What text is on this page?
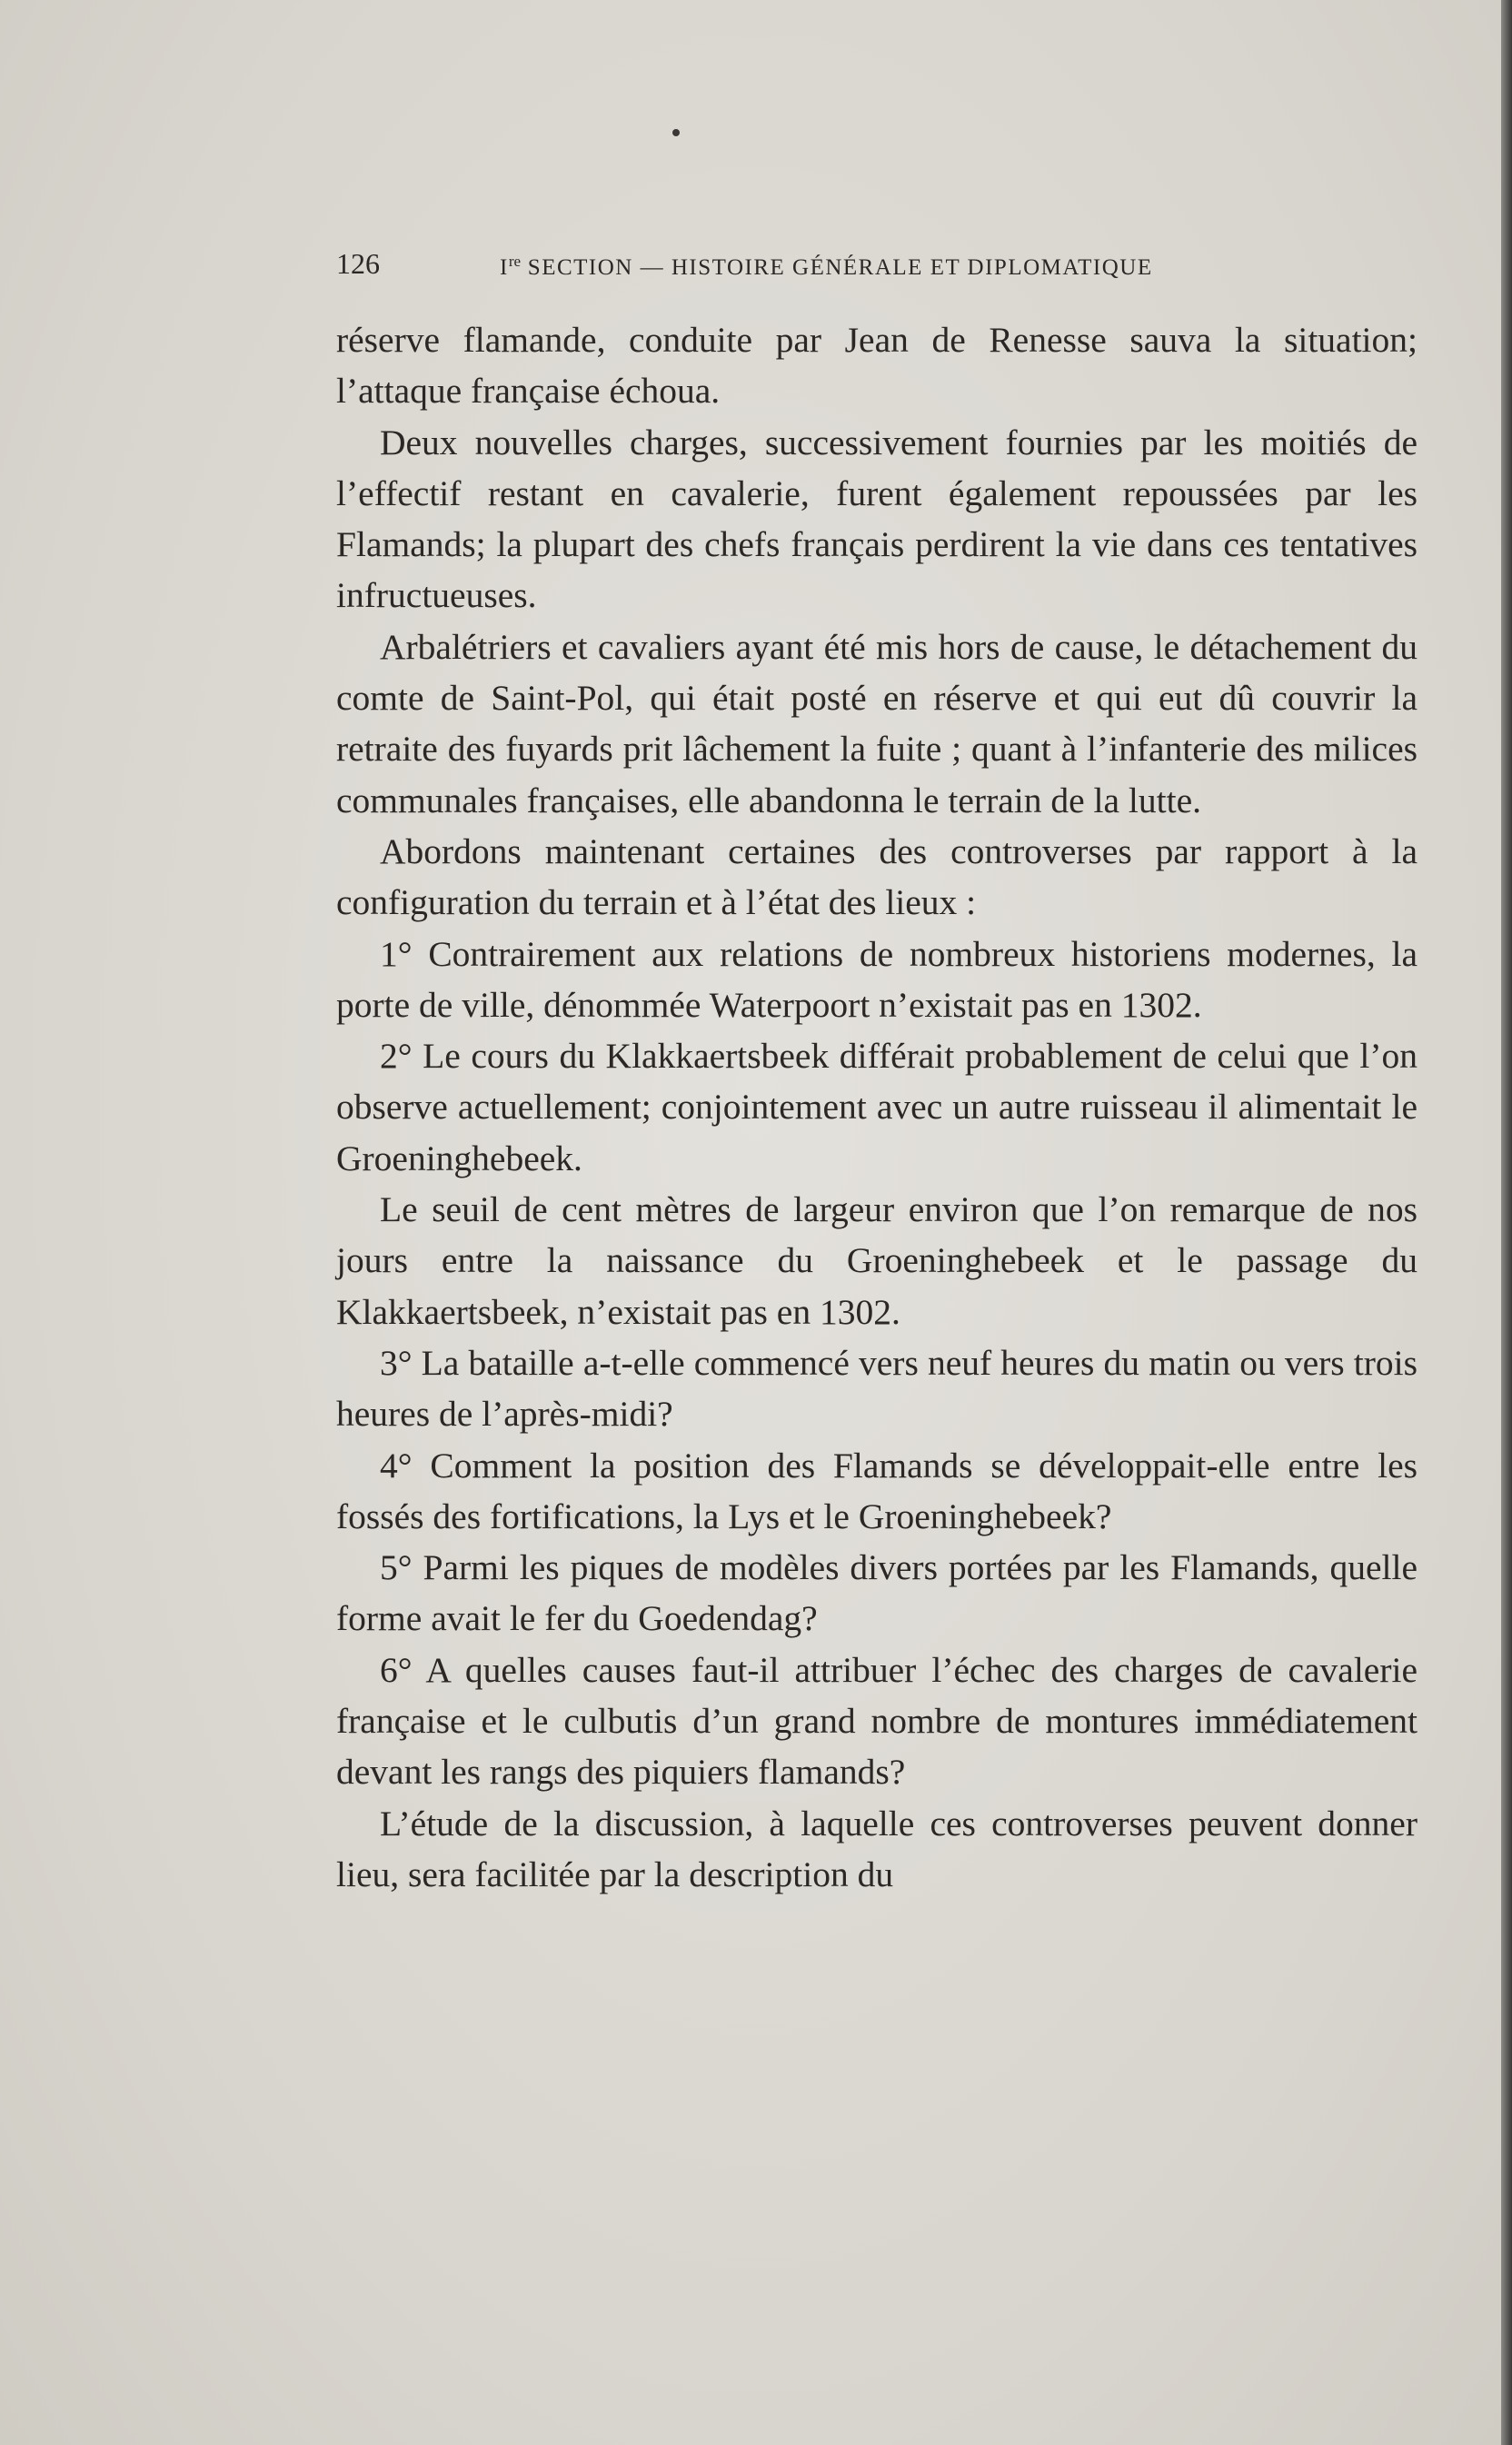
126	Ire SECTION — HISTOIRE GÉNÉRALE ET DIPLOMATIQUE

réserve flamande, conduite par Jean de Renesse sauva la situation; l’attaque française échoua.

Deux nouvelles charges, successivement fournies par les moitiés de l’effectif restant en cavalerie, furent également repoussées par les Flamands; la plupart des chefs français perdirent la vie dans ces tentatives infructueuses.

Arbalétriers et cavaliers ayant été mis hors de cause, le détachement du comte de Saint-Pol, qui était posté en réserve et qui eut dû couvrir la retraite des fuyards prit lâchement la fuite ; quant à l’infanterie des milices communales françaises, elle abandonna le terrain de la lutte.

Abordons maintenant certaines des controverses par rapport à la configuration du terrain et à l’état des lieux :

1° Contrairement aux relations de nombreux historiens modernes, la porte de ville, dénommée Waterpoort n’existait pas en 1302.

2° Le cours du Klakkaertsbeek différait probablement de celui que l’on observe actuellement; conjointement avec un autre ruisseau il alimentait le Groeninghebeek.

Le seuil de cent mètres de largeur environ que l’on remarque de nos jours entre la naissance du Groeninghebeek et le passage du Klakkaertsbeek, n’existait pas en 1302.

3° La bataille a-t-elle commencé vers neuf heures du matin ou vers trois heures de l’après-midi?

4° Comment la position des Flamands se développait-elle entre les fossés des fortifications, la Lys et le Groeninghebeek?

5° Parmi les piques de modèles divers portées par les Flamands, quelle forme avait le fer du Goedendag?

6° A quelles causes faut-il attribuer l’échec des charges de cavalerie française et le culbutis d’un grand nombre de montures immédiatement devant les rangs des piquiers flamands?

L’étude de la discussion, à laquelle ces controverses peuvent donner lieu, sera facilitée par la description du
